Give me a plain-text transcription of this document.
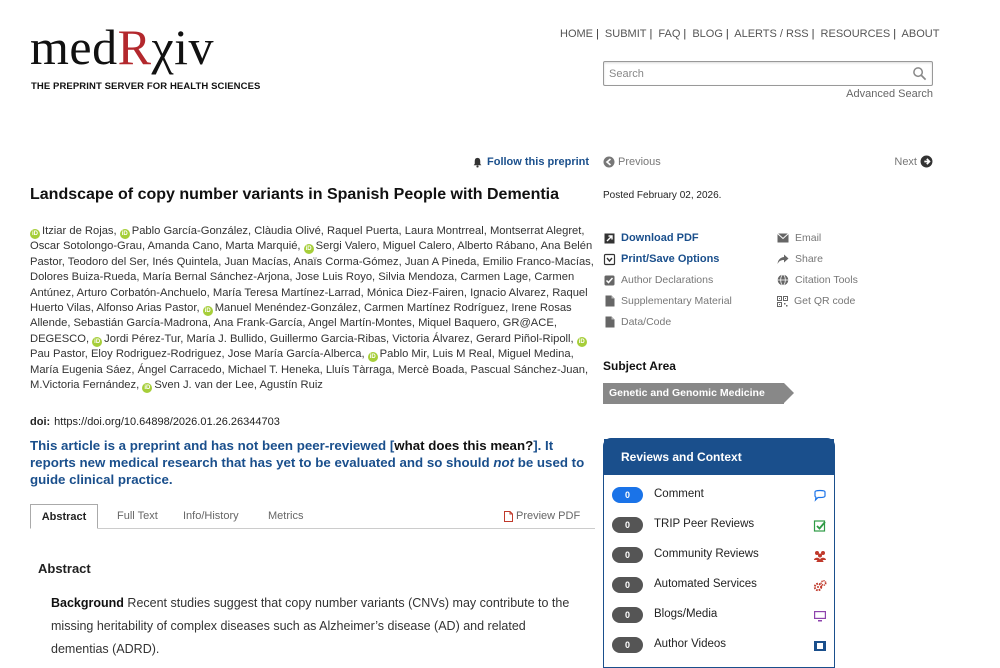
medRχiv
THE PREPRINT SERVER FOR HEALTH SCIENCES
HOME | SUBMIT | FAQ | BLOG | ALERTS / RSS | RESOURCES | ABOUT
Search
Advanced Search
Follow this preprint	Previous	Next
Landscape of copy number variants in Spanish People with Dementia
iD Itziar de Rojas, iD Pablo García-González, Clàudia Olivé, Raquel Puerta, Laura Montrreal, Montserrat Alegret, Oscar Sotolongo-Grau, Amanda Cano, Marta Marquié, iD Sergi Valero, Miguel Calero, Alberto Rábano, Ana Belén Pastor, Teodoro del Ser, Inés Quintela, Juan Macías, Anaïs Corma-Gómez, Juan A Pineda, Emilio Franco-Macías, Dolores Buiza-Rueda, María Bernal Sánchez-Arjona, Jose Luis Royo, Silvia Mendoza, Carmen Lage, Carmen Antúnez, Arturo Corbatón-Anchuelo, María Teresa Martínez-Larrad, Mónica Diez-Fairen, Ignacio Alvarez, Raquel Huerto Vilas, Alfonso Arias Pastor, iD Manuel Menéndez-González, Carmen Martínez Rodríguez, Irene Rosas Allende, Sebastián García-Madrona, Ana Frank-García, Angel Martín-Montes, Miquel Baquero, GR@ACE, DEGESCO, iD Jordi Pérez-Tur, María J. Bullido, Guillermo Garcia-Ribas, Victoria Álvarez, Gerard Piñol-Ripoll, iDPau Pastor, Eloy Rodriguez-Rodriguez, Jose María García-Alberca, iD Pablo Mir, Luis M Real, Miguel Medina, María Eugenia Sáez, Ángel Carracedo, Michael T. Heneka, Lluís Tàrraga, Mercè Boada, Pascual Sánchez-Juan, M.Victoria Fernández, iD Sven J. van der Lee, Agustín Ruiz
doi: https://doi.org/10.64898/2026.01.26.26344703
This article is a preprint and has not been peer-reviewed [what does this mean?]. It reports new medical research that has yet to be evaluated and so should not be used to guide clinical practice.
Abstract	Full Text Info/History	Metrics	Preview PDF
Abstract
Background Recent studies suggest that copy number variants (CNVs) may contribute to the missing heritability of complex diseases such as Alzheimer’s disease (AD) and related dementias (ADRD).
Posted February 02, 2026.
Download PDF
Print/Save Options
Author Declarations
Supplementary Material
Data/Code
Email
Share
Citation Tools
Get QR code
Subject Area
Genetic and Genomic Medicine
Reviews and Context
0	Comment
0	TRIP Peer Reviews
0	Community Reviews
0	Automated Services
0	Blogs/Media
0	Author Videos
